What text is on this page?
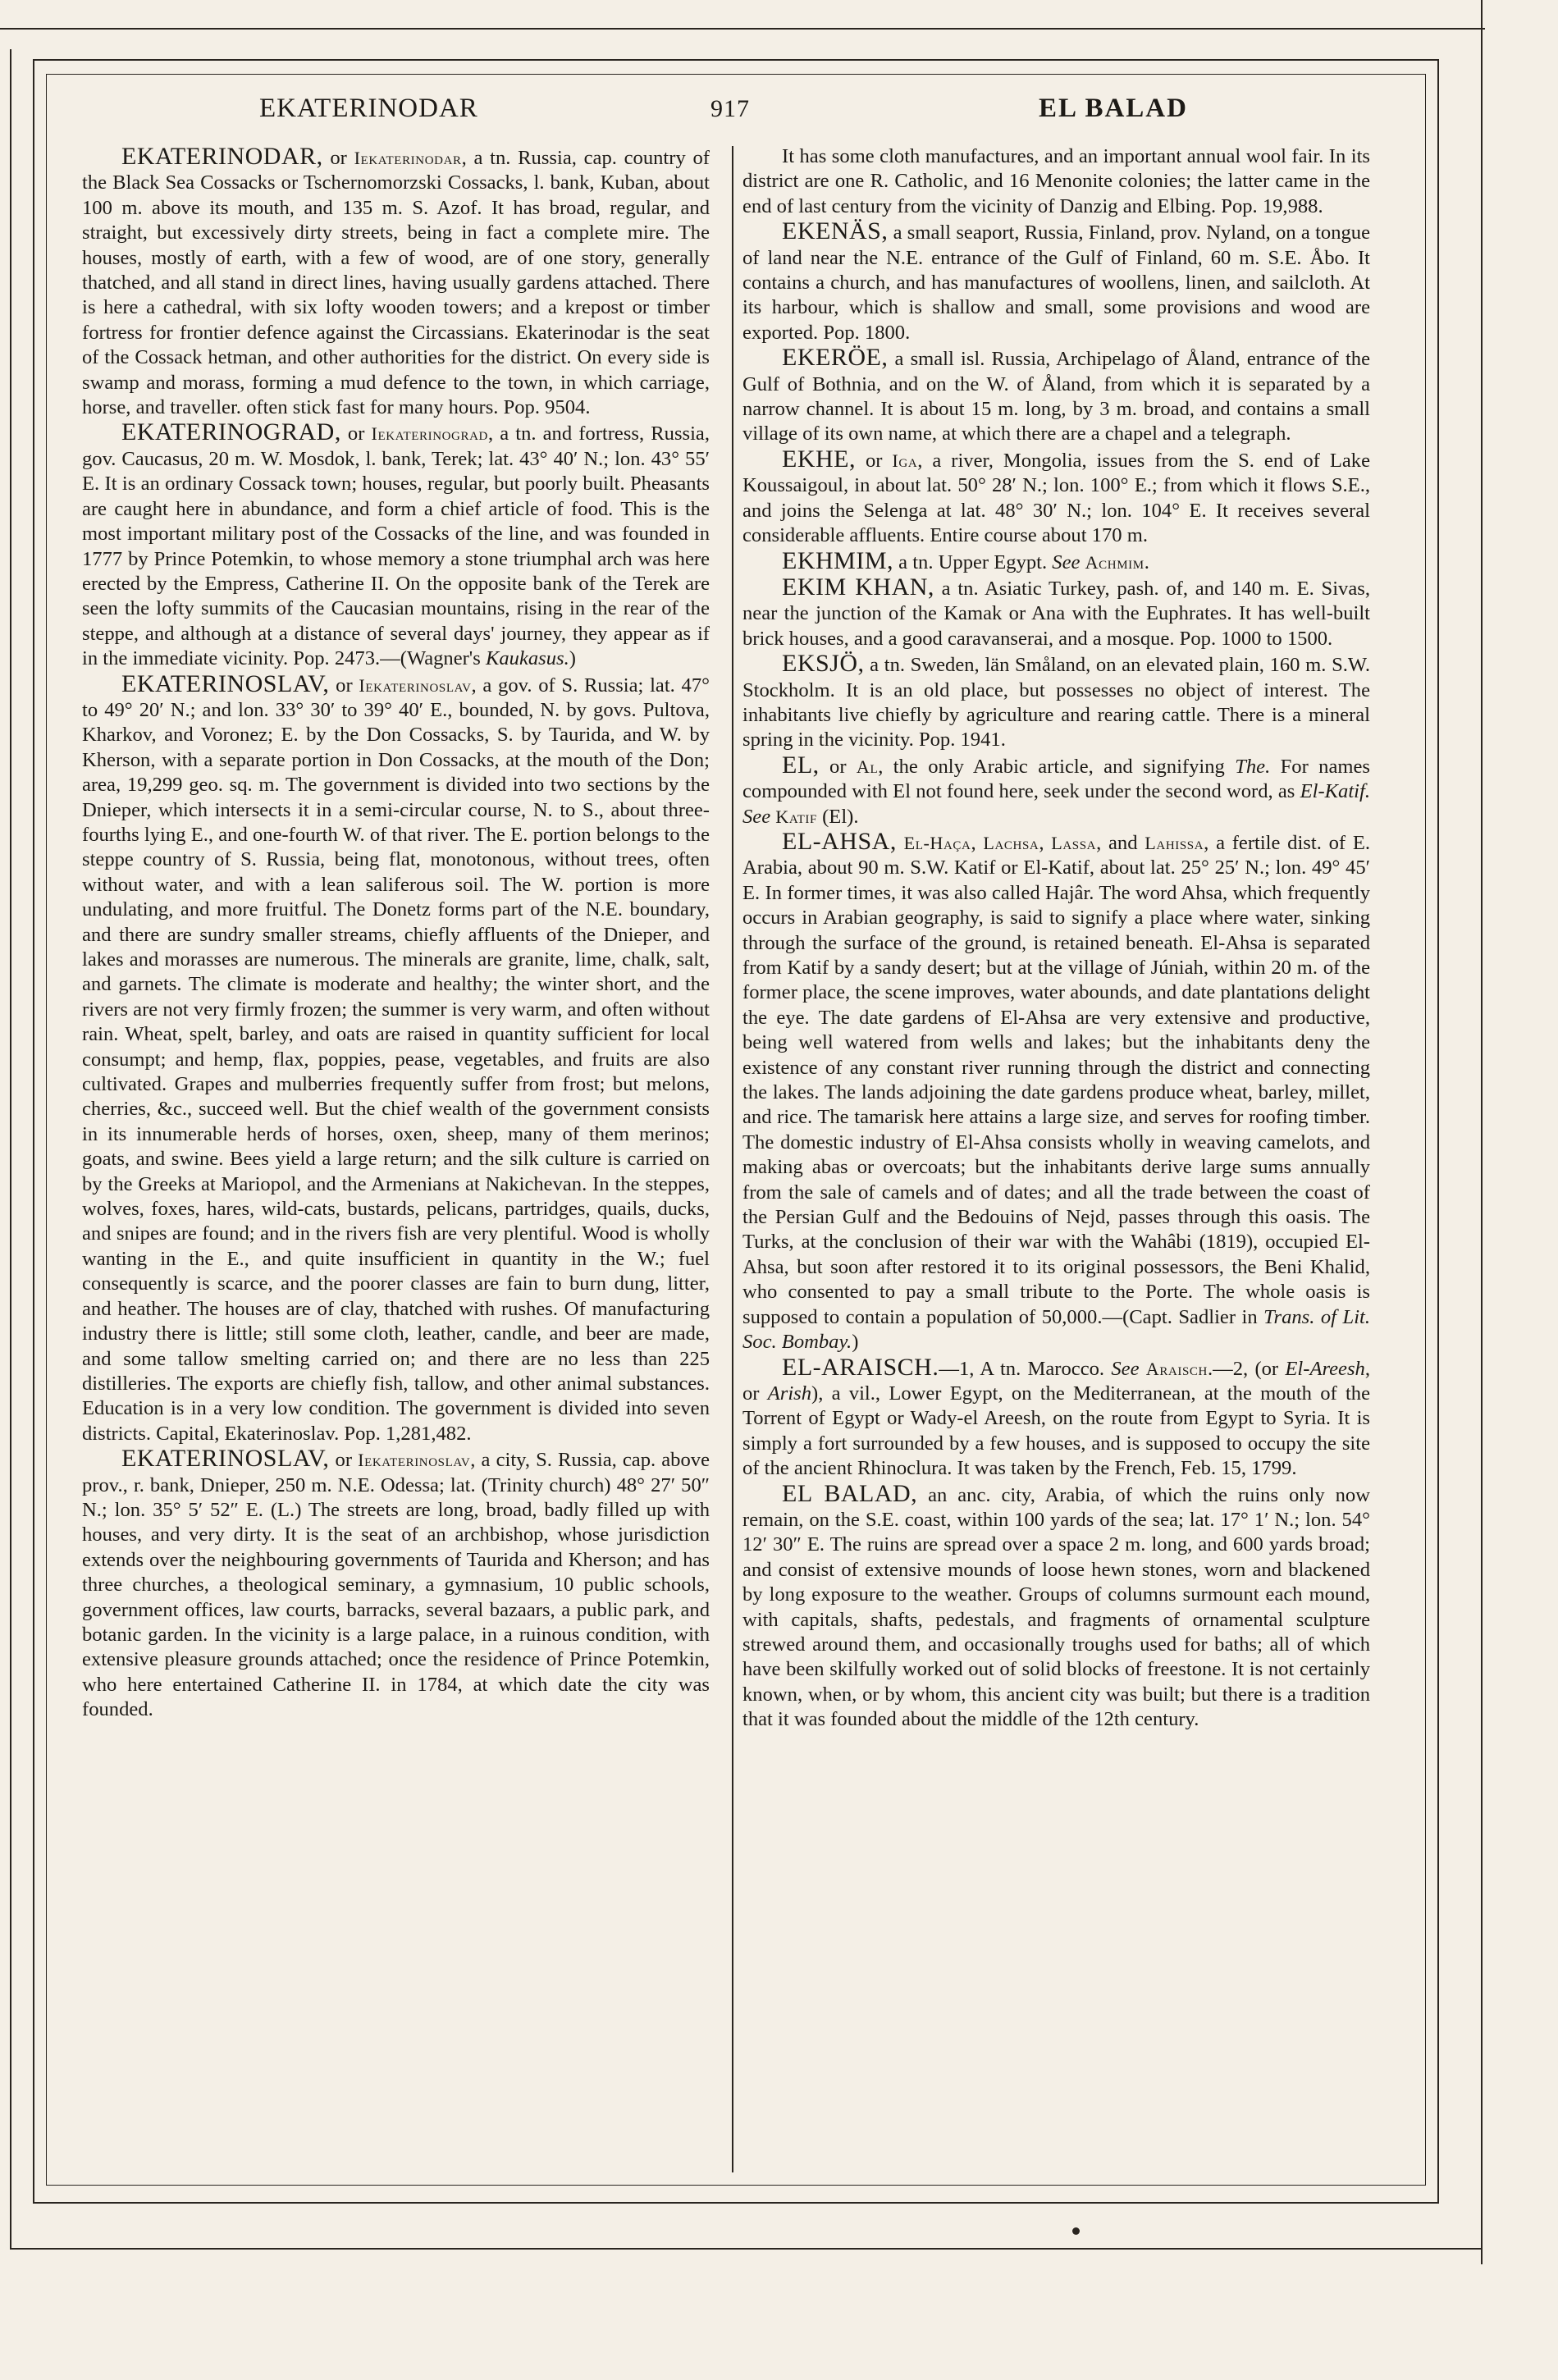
EKATERINODAR	917	EL BALAD

EKATERINODAR, or Iekaterinodar, a tn. Russia, cap. country of the Black Sea Cossacks or Tschernomorzski Cossacks, l. bank, Kuban, about 100 m. above its mouth, and 135 m. S. Azof. It has broad, regular, and straight, but excessively dirty streets, being in fact a complete mire. The houses, mostly of earth, with a few of wood, are of one story, generally thatched, and all stand in direct lines, having usually gardens attached. There is here a cathedral, with six lofty wooden towers; and a krepost or timber fortress for frontier defence against the Circassians. Ekaterinodar is the seat of the Cossack hetman, and other authorities for the district. On every side is swamp and morass, forming a mud defence to the town, in which carriage, horse, and traveller. often stick fast for many hours. Pop. 9504.

EKATERINOGRAD, or Iekaterinograd, a tn. and fortress, Russia, gov. Caucasus, 20 m. W. Mosdok, l. bank, Terek; lat. 43° 40′ N.; lon. 43° 55′ E. It is an ordinary Cossack town; houses, regular, but poorly built. Pheasants are caught here in abundance, and form a chief article of food. This is the most important military post of the Cossacks of the line, and was founded in 1777 by Prince Potemkin, to whose memory a stone triumphal arch was here erected by the Empress, Catherine II. On the opposite bank of the Terek are seen the lofty summits of the Caucasian mountains, rising in the rear of the steppe, and although at a distance of several days' journey, they appear as if in the immediate vicinity. Pop. 2473.—(Wagner's Kaukasus.)

EKATERINOSLAV, or Iekaterinoslav, a gov. of S. Russia; lat. 47° to 49° 20′ N.; and lon. 33° 30′ to 39° 40′ E., bounded, N. by govs. Pultova, Kharkov, and Voronez; E. by the Don Cossacks, S. by Taurida, and W. by Kherson, with a separate portion in Don Cossacks, at the mouth of the Don; area, 19,299 geo. sq. m. The government is divided into two sections by the Dnieper, which intersects it in a semi-circular course, N. to S., about three-fourths lying E., and one-fourth W. of that river. The E. portion belongs to the steppe country of S. Russia, being flat, monotonous, without trees, often without water, and with a lean saliferous soil. The W. portion is more undulating, and more fruitful. The Donetz forms part of the N.E. boundary, and there are sundry smaller streams, chiefly affluents of the Dnieper, and lakes and morasses are numerous. The minerals are granite, lime, chalk, salt, and garnets. The climate is moderate and healthy; the winter short, and the rivers are not very firmly frozen; the summer is very warm, and often without rain. Wheat, spelt, barley, and oats are raised in quantity sufficient for local consumpt; and hemp, flax, poppies, pease, vegetables, and fruits are also cultivated. Grapes and mulberries frequently suffer from frost; but melons, cherries, &c., succeed well. But the chief wealth of the government consists in its innumerable herds of horses, oxen, sheep, many of them merinos; goats, and swine. Bees yield a large return; and the silk culture is carried on by the Greeks at Mariopol, and the Armenians at Nakichevan. In the steppes, wolves, foxes, hares, wild-cats, bustards, pelicans, partridges, quails, ducks, and snipes are found; and in the rivers fish are very plentiful. Wood is wholly wanting in the E., and quite insufficient in quantity in the W.; fuel consequently is scarce, and the poorer classes are fain to burn dung, litter, and heather. The houses are of clay, thatched with rushes. Of manufacturing industry there is little; still some cloth, leather, candle, and beer are made, and some tallow smelting carried on; and there are no less than 225 distilleries. The exports are chiefly fish, tallow, and other animal substances. Education is in a very low condition. The government is divided into seven districts. Capital, Ekaterinoslav. Pop. 1,281,482.

EKATERINOSLAV, or Iekaterinoslav, a city, S. Russia, cap. above prov., r. bank, Dnieper, 250 m. N.E. Odessa; lat. (Trinity church) 48° 27′ 50″ N.; lon. 35° 5′ 52″ E. (L.) The streets are long, broad, badly filled up with houses, and very dirty. It is the seat of an archbishop, whose jurisdiction extends over the neighbouring governments of Taurida and Kherson; and has three churches, a theological seminary, a gymnasium, 10 public schools, government offices, law courts, barracks, several bazaars, a public park, and botanic garden. In the vicinity is a large palace, in a ruinous condition, with extensive pleasure grounds attached; once the residence of Prince Potemkin, who here entertained Catherine II. in 1784, at which date the city was founded.

It has some cloth manufactures, and an important annual wool fair. In its district are one R. Catholic, and 16 Menonite colonies; the latter came in the end of last century from the vicinity of Danzig and Elbing. Pop. 19,988.

EKENÄS, a small seaport, Russia, Finland, prov. Nyland, on a tongue of land near the N.E. entrance of the Gulf of Finland, 60 m. S.E. Åbo. It contains a church, and has manufactures of woollens, linen, and sailcloth. At its harbour, which is shallow and small, some provisions and wood are exported. Pop. 1800.

EKERÖE, a small isl. Russia, Archipelago of Åland, entrance of the Gulf of Bothnia, and on the W. of Åland, from which it is separated by a narrow channel. It is about 15 m. long, by 3 m. broad, and contains a small village of its own name, at which there are a chapel and a telegraph.

EKHE, or Iga, a river, Mongolia, issues from the S. end of Lake Koussaigoul, in about lat. 50° 28′ N.; lon. 100° E.; from which it flows S.E., and joins the Selenga at lat. 48° 30′ N.; lon. 104° E. It receives several considerable affluents. Entire course about 170 m.

EKHMIM, a tn. Upper Egypt. See Achmim.

EKIM KHAN, a tn. Asiatic Turkey, pash. of, and 140 m. E. Sivas, near the junction of the Kamak or Ana with the Euphrates. It has well-built brick houses, and a good caravanserai, and a mosque. Pop. 1000 to 1500.

EKSJÖ, a tn. Sweden, län Småland, on an elevated plain, 160 m. S.W. Stockholm. It is an old place, but possesses no object of interest. The inhabitants live chiefly by agriculture and rearing cattle. There is a mineral spring in the vicinity. Pop. 1941.

EL, or Al, the only Arabic article, and signifying The. For names compounded with El not found here, seek under the second word, as El-Katif. See Katif (El).

EL-AHSA, El-Haça, Lachsa, Lassa, and Lahissa, a fertile dist. of E. Arabia, about 90 m. S.W. Katif or El-Katif, about lat. 25° 25′ N.; lon. 49° 45′ E. In former times, it was also called Hajâr. The word Ahsa, which frequently occurs in Arabian geography, is said to signify a place where water, sinking through the surface of the ground, is retained beneath. El-Ahsa is separated from Katif by a sandy desert; but at the village of Júniah, within 20 m. of the former place, the scene improves, water abounds, and date plantations delight the eye. The date gardens of El-Ahsa are very extensive and productive, being well watered from wells and lakes; but the inhabitants deny the existence of any constant river running through the district and connecting the lakes. The lands adjoining the date gardens produce wheat, barley, millet, and rice. The tamarisk here attains a large size, and serves for roofing timber. The domestic industry of El-Ahsa consists wholly in weaving camelots, and making abas or overcoats; but the inhabitants derive large sums annually from the sale of camels and of dates; and all the trade between the coast of the Persian Gulf and the Bedouins of Nejd, passes through this oasis. The Turks, at the conclusion of their war with the Wahâbi (1819), occupied El-Ahsa, but soon after restored it to its original possessors, the Beni Khalid, who consented to pay a small tribute to the Porte. The whole oasis is supposed to contain a population of 50,000.—(Capt. Sadlier in Trans. of Lit. Soc. Bombay.)

EL-ARAISCH.—1, A tn. Marocco. See Araisch.—2, (or El-Areesh, or Arish), a vil., Lower Egypt, on the Mediterranean, at the mouth of the Torrent of Egypt or Wady-el Areesh, on the route from Egypt to Syria. It is simply a fort surrounded by a few houses, and is supposed to occupy the site of the ancient Rhinoclura. It was taken by the French, Feb. 15, 1799.

EL BALAD, an anc. city, Arabia, of which the ruins only now remain, on the S.E. coast, within 100 yards of the sea; lat. 17° 1′ N.; lon. 54° 12′ 30″ E. The ruins are spread over a space 2 m. long, and 600 yards broad; and consist of extensive mounds of loose hewn stones, worn and blackened by long exposure to the weather. Groups of columns surmount each mound, with capitals, shafts, pedestals, and fragments of ornamental sculpture strewed around them, and occasionally troughs used for baths; all of which have been skilfully worked out of solid blocks of freestone. It is not certainly known, when, or by whom, this ancient city was built; but there is a tradition that it was founded about the middle of the 12th century.
